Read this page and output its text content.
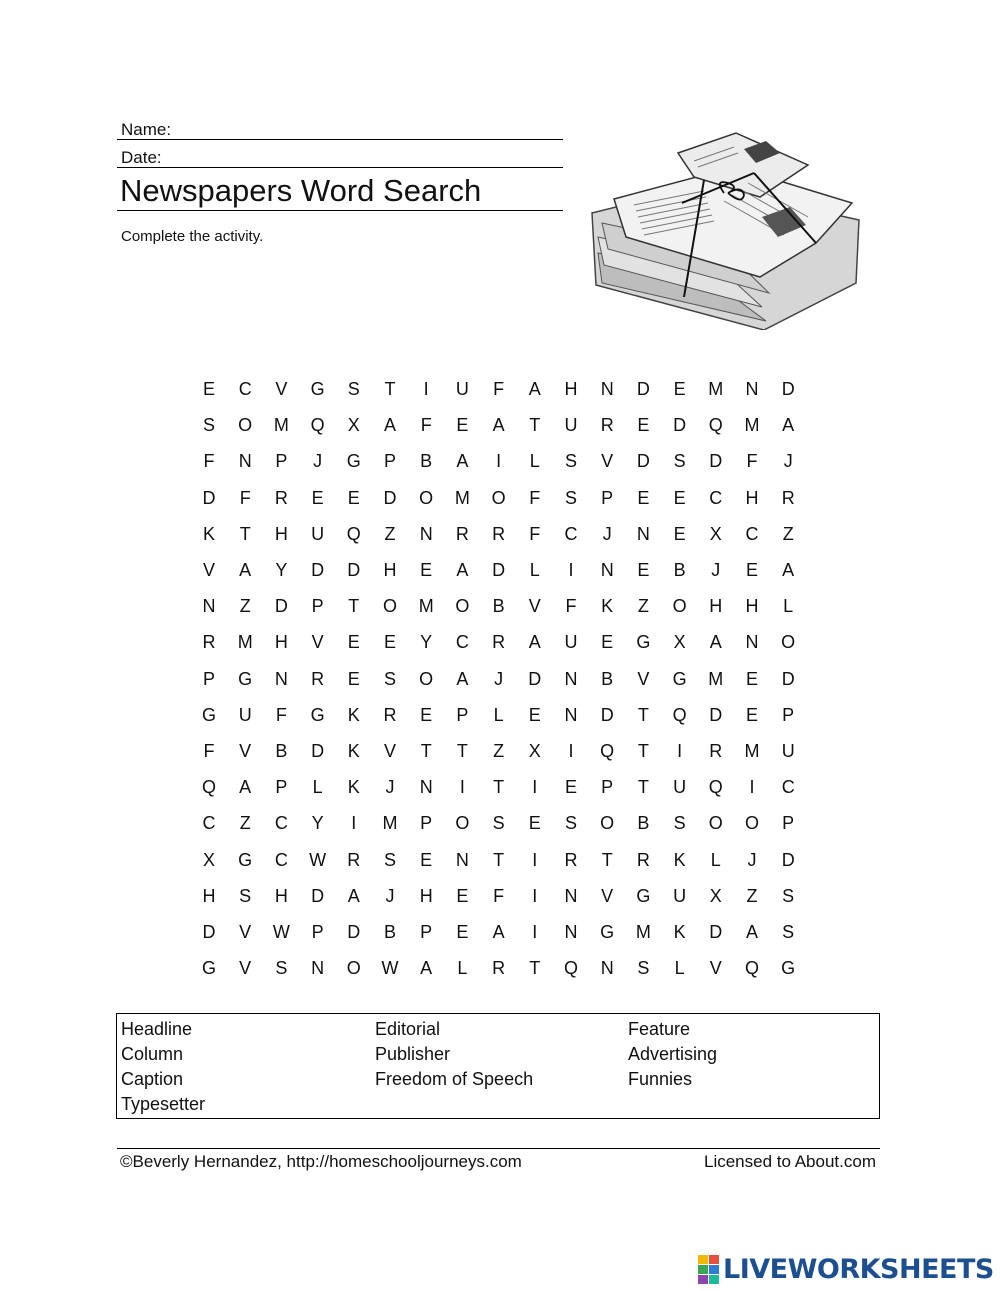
Name:
Date:
Newspapers Word Search
Complete the activity.
E	C	V	G	S	T	I	U	F	A	H	N	D	E	M	N	D
S	O	M	Q	X	A	F	E	A	T	U	R	E	D	Q	M	A
F	N	P	J	G	P	B	A	I	L	S	V	D	S	D	F	J
D	F	R	E	E	D	O	M	O	F	S	P	E	E	C	H	R
K	T	H	U	Q	Z	N	R	R	F	C	J	N	E	X	C	Z
V	A	Y	D	D	H	E	A	D	L	I	N	E	B	J	E	A
N	Z	D	P	T	O	M	O	B	V	F	K	Z	O	H	H	L
R	M	H	V	E	E	Y	C	R	A	U	E	G	X	A	N	O
P	G	N	R	E	S	O	A	J	D	N	B	V	G	M	E	D
G	U	F	G	K	R	E	P	L	E	N	D	T	Q	D	E	P
F	V	B	D	K	V	T	T	Z	X	I	Q	T	I	R	M	U
Q	A	P	L	K	J	N	I	T	I	E	P	T	U	Q	I	C
C	Z	C	Y	I	M	P	O	S	E	S	O	B	S	O	O	P
X	G	C	W	R	S	E	N	T	I	R	T	R	K	L	J	D
H	S	H	D	A	J	H	E	F	I	N	V	G	U	X	Z	S
D	V	W	P	D	B	P	E	A	I	N	G	M	K	D	A	S
G	V	S	N	O	W	A	L	R	T	Q	N	S	L	V	Q	G
Headline	Editorial	Feature
Column	Publisher	Advertising
Caption	Freedom of Speech	Funnies
Typesetter
©Beverly Hernandez, http://homeschooljourneys.com	Licensed to About.com
LIVEWORKSHEETS
